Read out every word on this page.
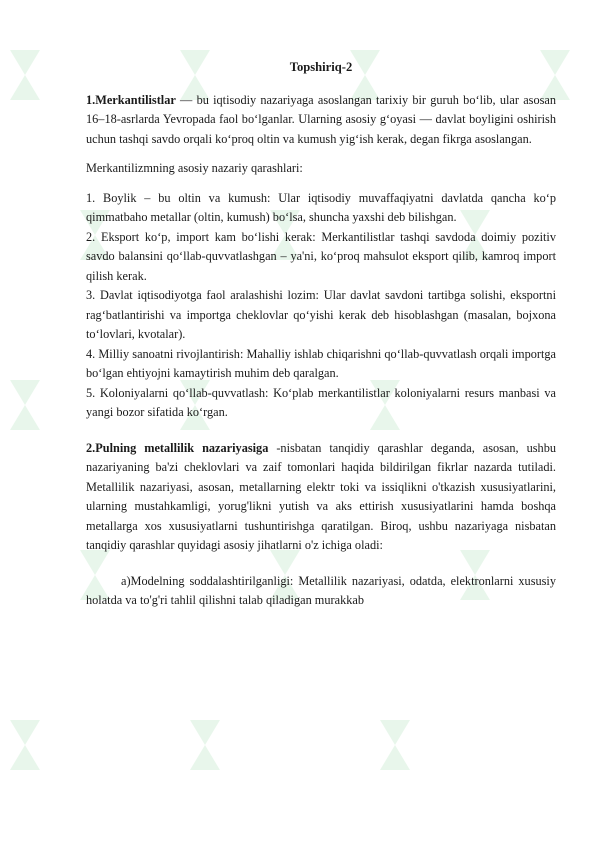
Topshiriq-2

1.Merkantilistlar — bu iqtisodiy nazariyaga asoslangan tarixiy bir guruh bo‘lib, ular asosan 16–18-asrlarda Yevropada faol bo‘lganlar. Ularning asosiy g‘oyasi — davlat boyligini oshirish uchun tashqi savdo orqali ko‘proq oltin va kumush yig‘ish kerak, degan fikrga asoslangan.

Merkantilizmning asosiy nazariy qarashlari:

1. Boylik – bu oltin va kumush: Ular iqtisodiy muvaffaqiyatni davlatda qancha ko‘p qimmatbaho metallar (oltin, kumush) bo‘lsa, shuncha yaxshi deb bilishgan.

2. Eksport ko‘p, import kam bo‘lishi kerak: Merkantilistlar tashqi savdoda doimiy pozitiv savdo balansini qo‘llab-quvvatlashgan – ya'ni, ko‘proq mahsulot eksport qilib, kamroq import qilish kerak.

3. Davlat iqtisodiyotga faol aralashishi lozim: Ular davlat savdoni tartibga solishi, eksportni rag‘batlantirishi va importga cheklovlar qo‘yishi kerak deb hisoblashgan (masalan, bojxona to‘lovlari, kvotalar).

4. Milliy sanoatni rivojlantirish: Mahalliy ishlab chiqarishni qo‘llab-quvvatlash orqali importga bo‘lgan ehtiyojni kamaytirish muhim deb qaralgan.

5. Koloniyalarni qo‘llab-quvvatlash: Ko‘plab merkantilistlar koloniyalarni resurs manbasi va yangi bozor sifatida ko‘rgan.

2.Pulning metallilik nazariyasiga -nisbatan tanqidiy qarashlar deganda, asosan, ushbu nazariyaning ba'zi cheklovlari va zaif tomonlari haqida bildirilgan fikrlar nazarda tutiladi. Metallilik nazariyasi, asosan, metallarning elektr toki va issiqlikni o'tkazish xususiyatlarini, ularning mustahkamligi, yorug'likni yutish va aks ettirish xususiyatlarini hamda boshqa metallarga xos xususiyatlarni tushuntirishga qaratilgan. Biroq, ushbu nazariyaga nisbatan tanqidiy qarashlar quyidagi asosiy jihatlarni o'z ichiga oladi:

a)Modelning soddalashtirilganligi: Metallilik nazariyasi, odatda, elektronlarni xususiy holatda va to'g'ri tahlil qilishni talab qiladigan murakkab
